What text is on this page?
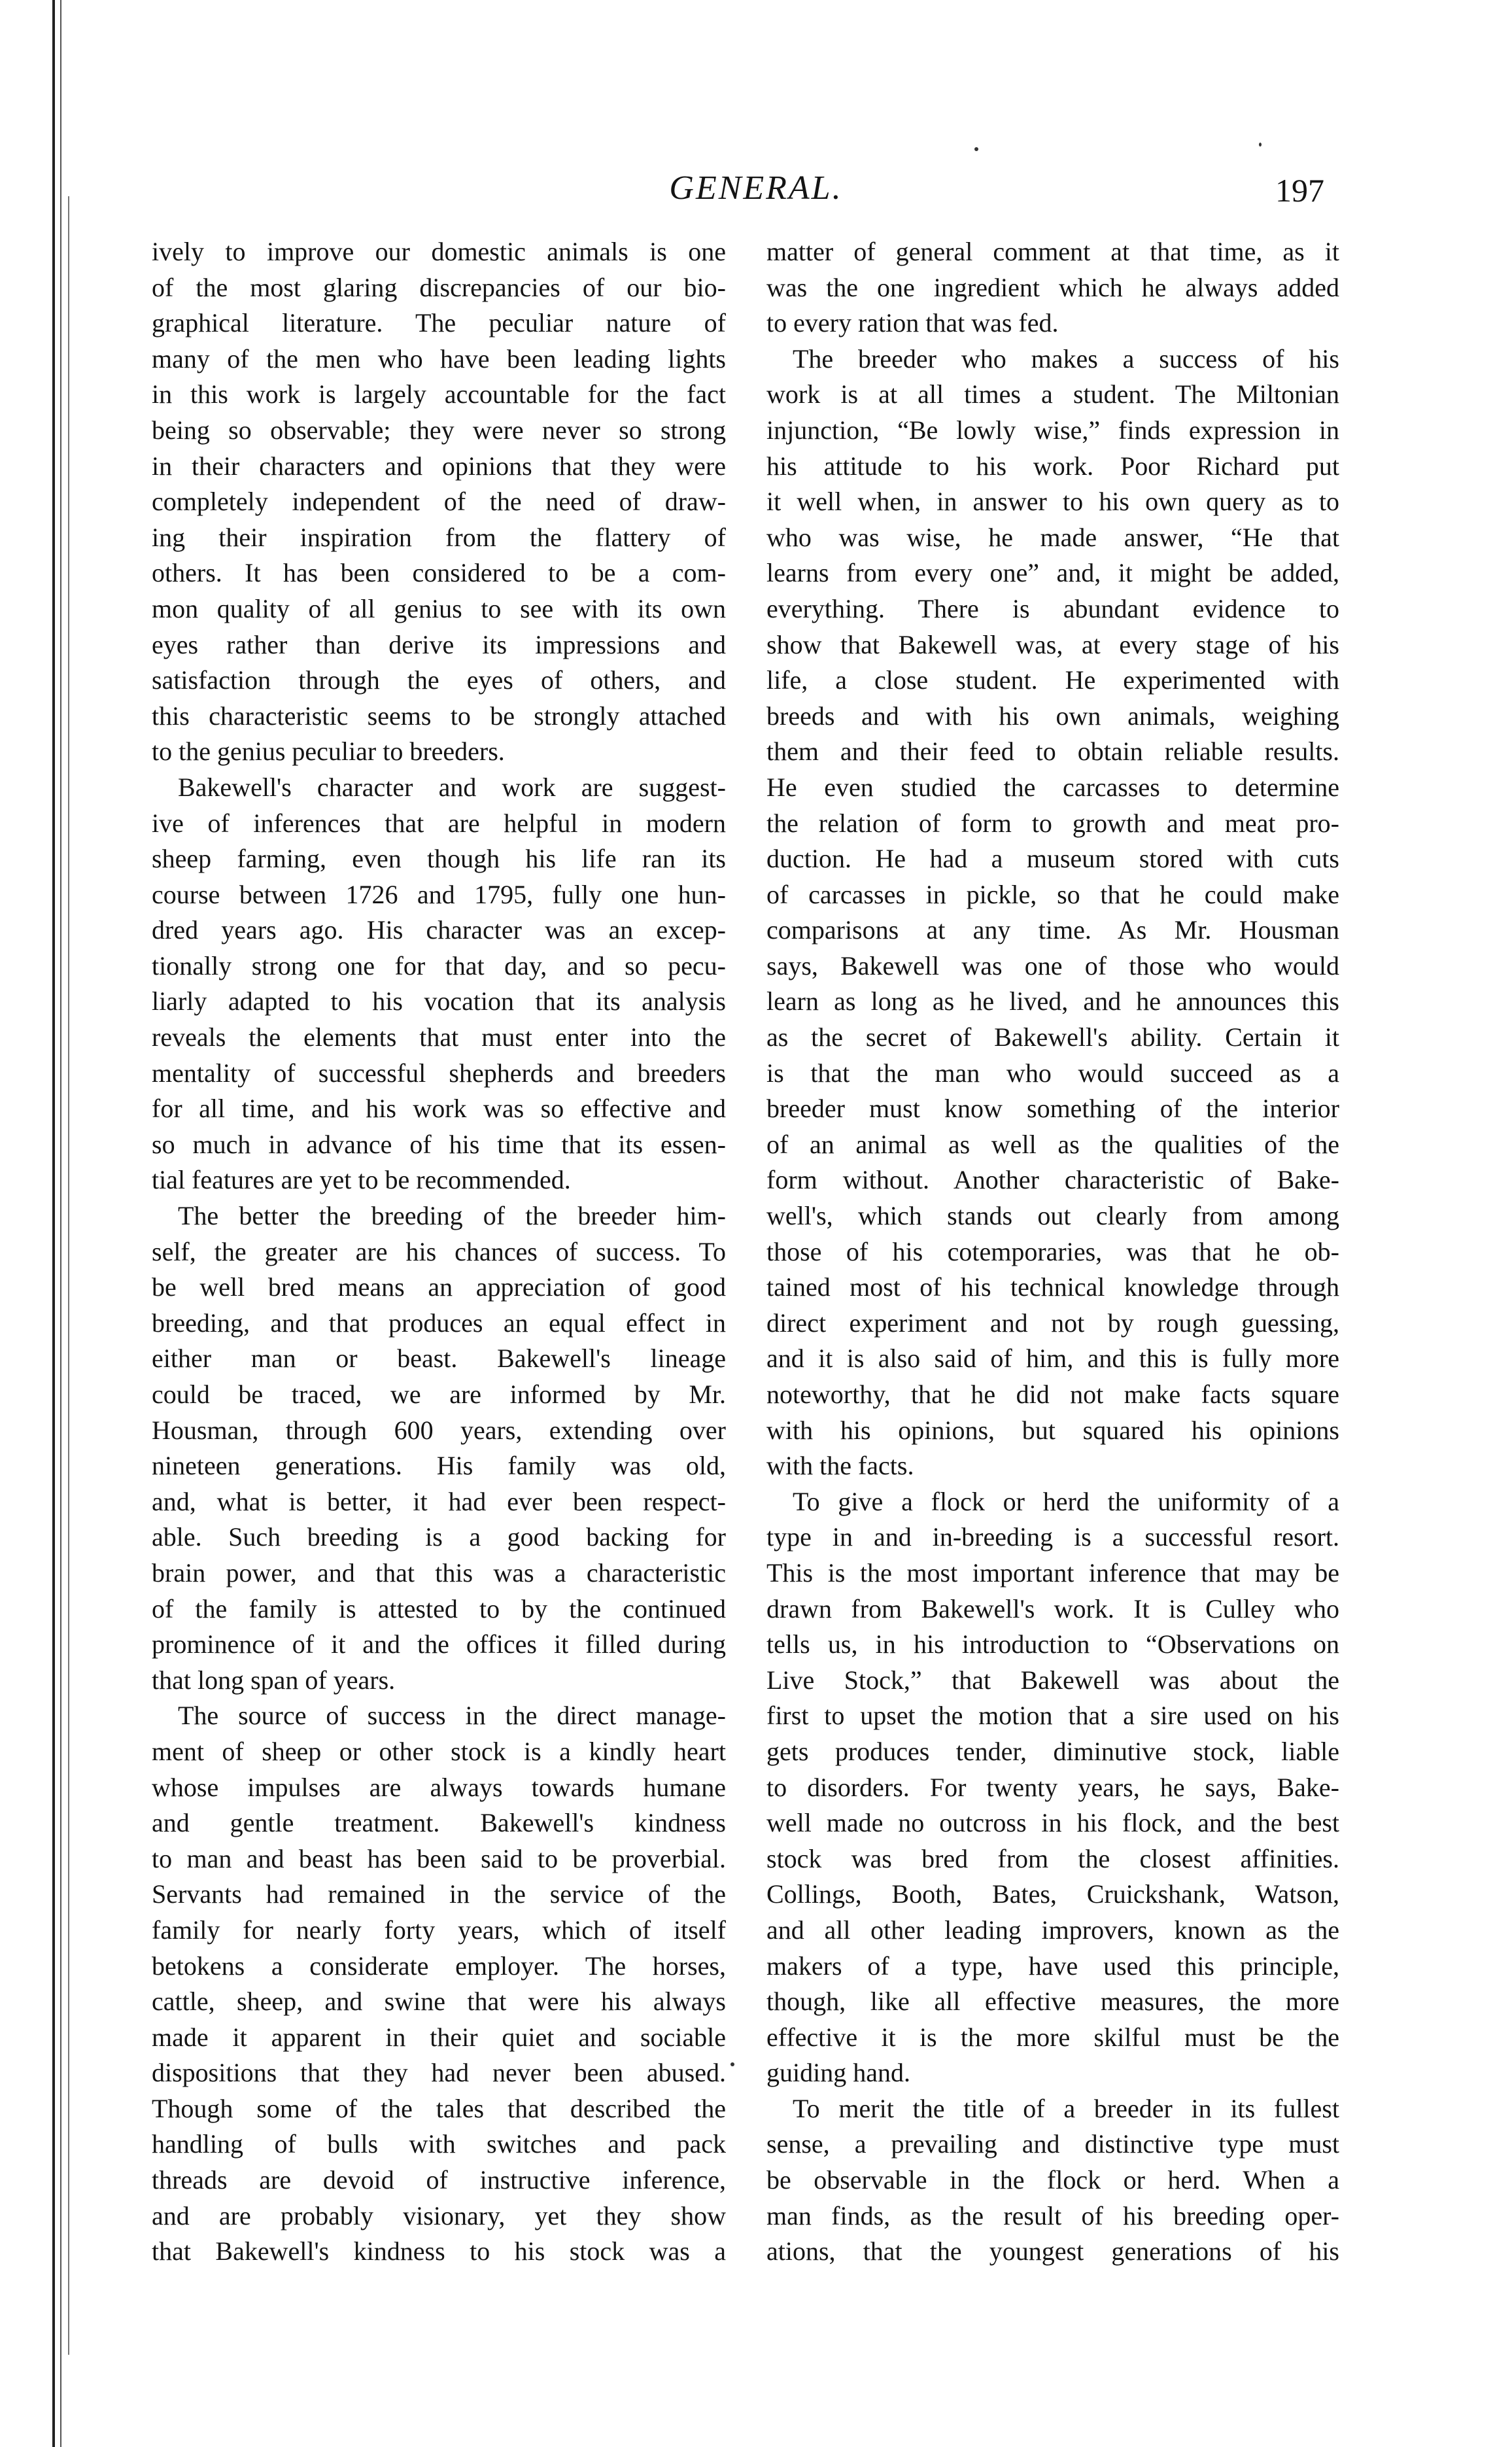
GENERAL.	197
ively to improve our domestic animals is one
of the most glaring discrepancies of our bio-
graphical literature. The peculiar nature of
many of the men who have been leading lights
in this work is largely accountable for the fact
being so observable; they were never so strong
in their characters and opinions that they were
completely independent of the need of draw-
ing their inspiration from the flattery of
others. It has been considered to be a com-
mon quality of all genius to see with its own
eyes rather than derive its impressions and
satisfaction through the eyes of others, and
this characteristic seems to be strongly attached
to the genius peculiar to breeders.
Bakewell's character and work are suggest-
ive of inferences that are helpful in modern
sheep farming, even though his life ran its
course between 1726 and 1795, fully one hun-
dred years ago. His character was an excep-
tionally strong one for that day, and so pecu-
liarly adapted to his vocation that its analysis
reveals the elements that must enter into the
mentality of successful shepherds and breeders
for all time, and his work was so effective and
so much in advance of his time that its essen-
tial features are yet to be recommended.
The better the breeding of the breeder him-
self, the greater are his chances of success. To
be well bred means an appreciation of good
breeding, and that produces an equal effect in
either man or beast. Bakewell's lineage
could be traced, we are informed by Mr.
Housman, through 600 years, extending over
nineteen generations. His family was old,
and, what is better, it had ever been respect-
able. Such breeding is a good backing for
brain power, and that this was a characteristic
of the family is attested to by the continued
prominence of it and the offices it filled during
that long span of years.
The source of success in the direct manage-
ment of sheep or other stock is a kindly heart
whose impulses are always towards humane
and gentle treatment. Bakewell's kindness
to man and beast has been said to be proverbial.
Servants had remained in the service of the
family for nearly forty years, which of itself
betokens a considerate employer. The horses,
cattle, sheep, and swine that were his always
made it apparent in their quiet and sociable
dispositions that they had never been abused.
Though some of the tales that described the
handling of bulls with switches and pack
threads are devoid of instructive inference,
and are probably visionary, yet they show
that Bakewell's kindness to his stock was a
matter of general comment at that time, as it
was the one ingredient which he always added
to every ration that was fed.
The breeder who makes a success of his
work is at all times a student. The Miltonian
injunction, “Be lowly wise,” finds expression in
his attitude to his work. Poor Richard put
it well when, in answer to his own query as to
who was wise, he made answer, “He that
learns from every one” and, it might be added,
everything. There is abundant evidence to
show that Bakewell was, at every stage of his
life, a close student. He experimented with
breeds and with his own animals, weighing
them and their feed to obtain reliable results.
He even studied the carcasses to determine
the relation of form to growth and meat pro-
duction. He had a museum stored with cuts
of carcasses in pickle, so that he could make
comparisons at any time. As Mr. Housman
says, Bakewell was one of those who would
learn as long as he lived, and he announces this
as the secret of Bakewell's ability. Certain it
is that the man who would succeed as a
breeder must know something of the interior
of an animal as well as the qualities of the
form without. Another characteristic of Bake-
well's, which stands out clearly from among
those of his cotemporaries, was that he ob-
tained most of his technical knowledge through
direct experiment and not by rough guessing,
and it is also said of him, and this is fully more
noteworthy, that he did not make facts square
with his opinions, but squared his opinions
with the facts.
To give a flock or herd the uniformity of a
type in and in-breeding is a successful resort.
This is the most important inference that may be
drawn from Bakewell's work. It is Culley who
tells us, in his introduction to “Observations on
Live Stock,” that Bakewell was about the
first to upset the motion that a sire used on his
gets produces tender, diminutive stock, liable
to disorders. For twenty years, he says, Bake-
well made no outcross in his flock, and the best
stock was bred from the closest affinities.
Collings, Booth, Bates, Cruickshank, Watson,
and all other leading improvers, known as the
makers of a type, have used this principle,
though, like all effective measures, the more
effective it is the more skilful must be the
guiding hand.
To merit the title of a breeder in its fullest
sense, a prevailing and distinctive type must
be observable in the flock or herd. When a
man finds, as the result of his breeding oper-
ations, that the youngest generations of his
